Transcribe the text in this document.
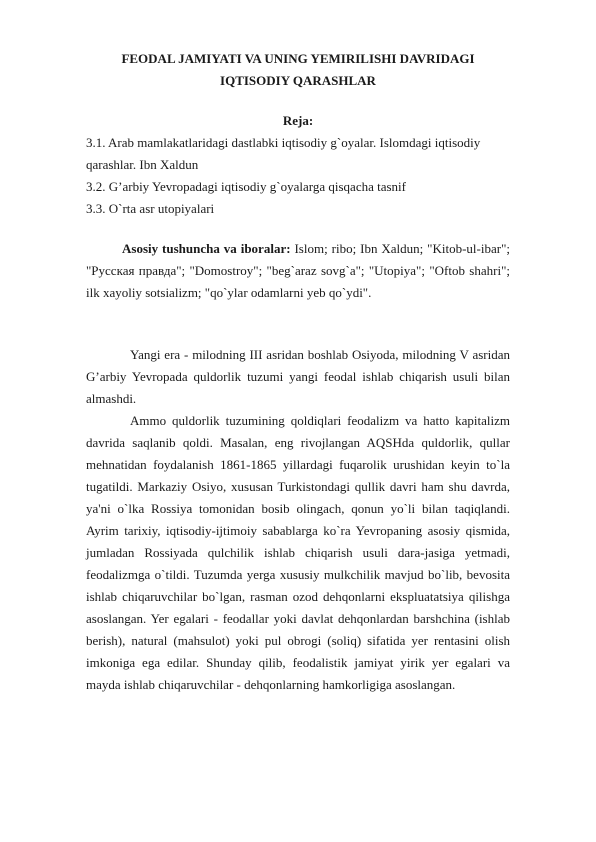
FEODAL JAMIYATI VA UNING YEMIRILISHI DAVRIDAGI IQTISODIY QARASHLAR

Reja:

3.1. Arab mamlakatlaridagi dastlabki iqtisodiy g`oyalar. Islomdagi iqtisodiy qarashlar. Ibn Xaldun

3.2. G’arbiy Yevropadagi iqtisodiy g`oyalarga qisqacha tasnif

3.3. O`rta asr utopiyalari

Asosiy tushuncha va iboralar: Islom; ribo; Ibn Xaldun; "Kitob-ul-ibar"; "Русская правда"; "Domostroy"; "beg`araz sovg`a"; "Utopiya"; "Oftob shahri"; ilk xayoliy sotsializm; "qo`ylar odamlarni yeb qo`ydi".

Yangi era - milodning III asridan boshlab Osiyoda, milodning V asridan G’arbiy Yevropada quldorlik tuzumi yangi feodal ishlab chiqarish usuli bilan almashdi.

Ammo quldorlik tuzumining qoldiqlari feodalizm va hatto kapitalizm davrida saqlanib qoldi. Masalan, eng rivojlangan AQSHda quldorlik, qullar mehnatidan foydalanish 1861-1865 yillardagi fuqarolik urushidan keyin to`la tugatildi. Markaziy Osiyo, xususan Turkistondagi qullik davri ham shu davrda, ya'ni o`lka Rossiya tomonidan bosib olingach, qonun yo`li bilan taqiqlandi. Ayrim tarixiy, iqtisodiy-ijtimoiy sabablarga ko`ra Yevropaning asosiy qismida, jumladan Rossiyada qulchilik ishlab chiqarish usuli dara-jasiga yetmadi, feodalizmga o`tildi. Tuzumda yerga xususiy mulkchilik mavjud bo`lib, bevosita ishlab chiqaruvchilar bo`lgan, rasman ozod dehqonlarni ekspluatatsiya qilishga asoslangan. Yer egalari - feodallar yoki davlat dehqonlardan barshchina (ishlab berish), natural (mahsulot) yoki pul obrogi (soliq) sifatida yer rentasini olish imkoniga ega edilar. Shunday qilib, feodalistik jamiyat yirik yer egalari va mayda ishlab chiqaruvchilar - dehqonlarning hamkorligiga asoslangan.
